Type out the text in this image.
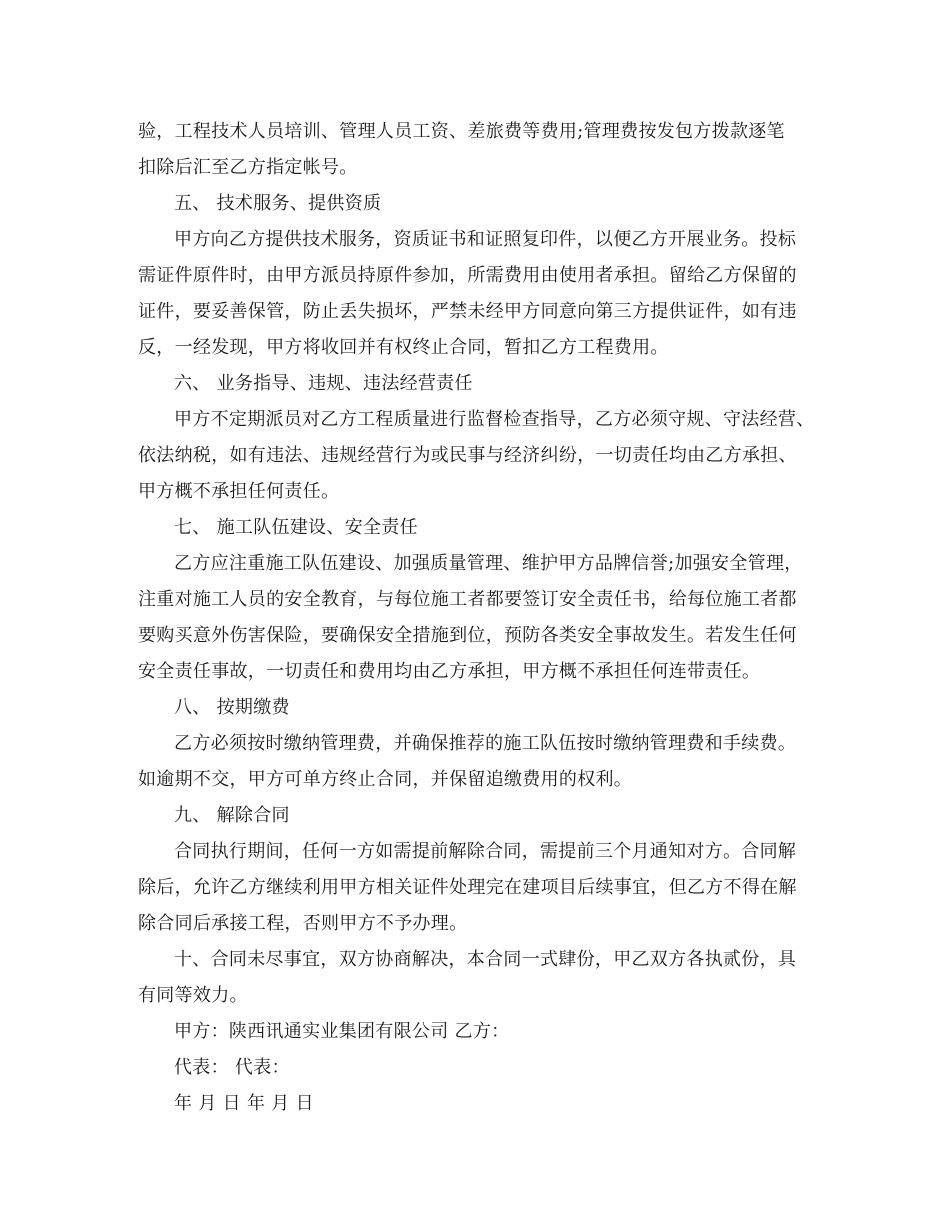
验，工程技术人员培训、管理人员工资、差旅费等费用;管理费按发包方拨款逐笔
扣除后汇至乙方指定帐号。
五、 技术服务、提供资质
甲方向乙方提供技术服务，资质证书和证照复印件，以便乙方开展业务。投标
需证件原件时，由甲方派员持原件参加，所需费用由使用者承担。留给乙方保留的
证件，要妥善保管，防止丢失损坏，严禁未经甲方同意向第三方提供证件，如有违
反，一经发现，甲方将收回并有权终止合同，暂扣乙方工程费用。
六、 业务指导、违规、违法经营责任
甲方不定期派员对乙方工程质量进行监督检查指导，乙方必须守规、守法经营、
依法纳税，如有违法、违规经营行为或民事与经济纠纷，一切责任均由乙方承担、
甲方概不承担任何责任。
七、 施工队伍建设、安全责任
乙方应注重施工队伍建设、加强质量管理、维护甲方品牌信誉;加强安全管理，
注重对施工人员的安全教育，与每位施工者都要签订安全责任书，给每位施工者都
要购买意外伤害保险，要确保安全措施到位，预防各类安全事故发生。若发生任何
安全责任事故，一切责任和费用均由乙方承担，甲方概不承担任何连带责任。
八、 按期缴费
乙方必须按时缴纳管理费，并确保推荐的施工队伍按时缴纳管理费和手续费。
如逾期不交，甲方可单方终止合同，并保留追缴费用的权利。
九、 解除合同
合同执行期间，任何一方如需提前解除合同，需提前三个月通知对方。合同解
除后，允许乙方继续利用甲方相关证件处理完在建项目后续事宜，但乙方不得在解
除合同后承接工程，否则甲方不予办理。
十、合同未尽事宜，双方协商解决，本合同一式肆份，甲乙双方各执贰份，具
有同等效力。
甲方：陕西讯通实业集团有限公司 乙方：
代表： 代表：
年 月 日 年 月 日
